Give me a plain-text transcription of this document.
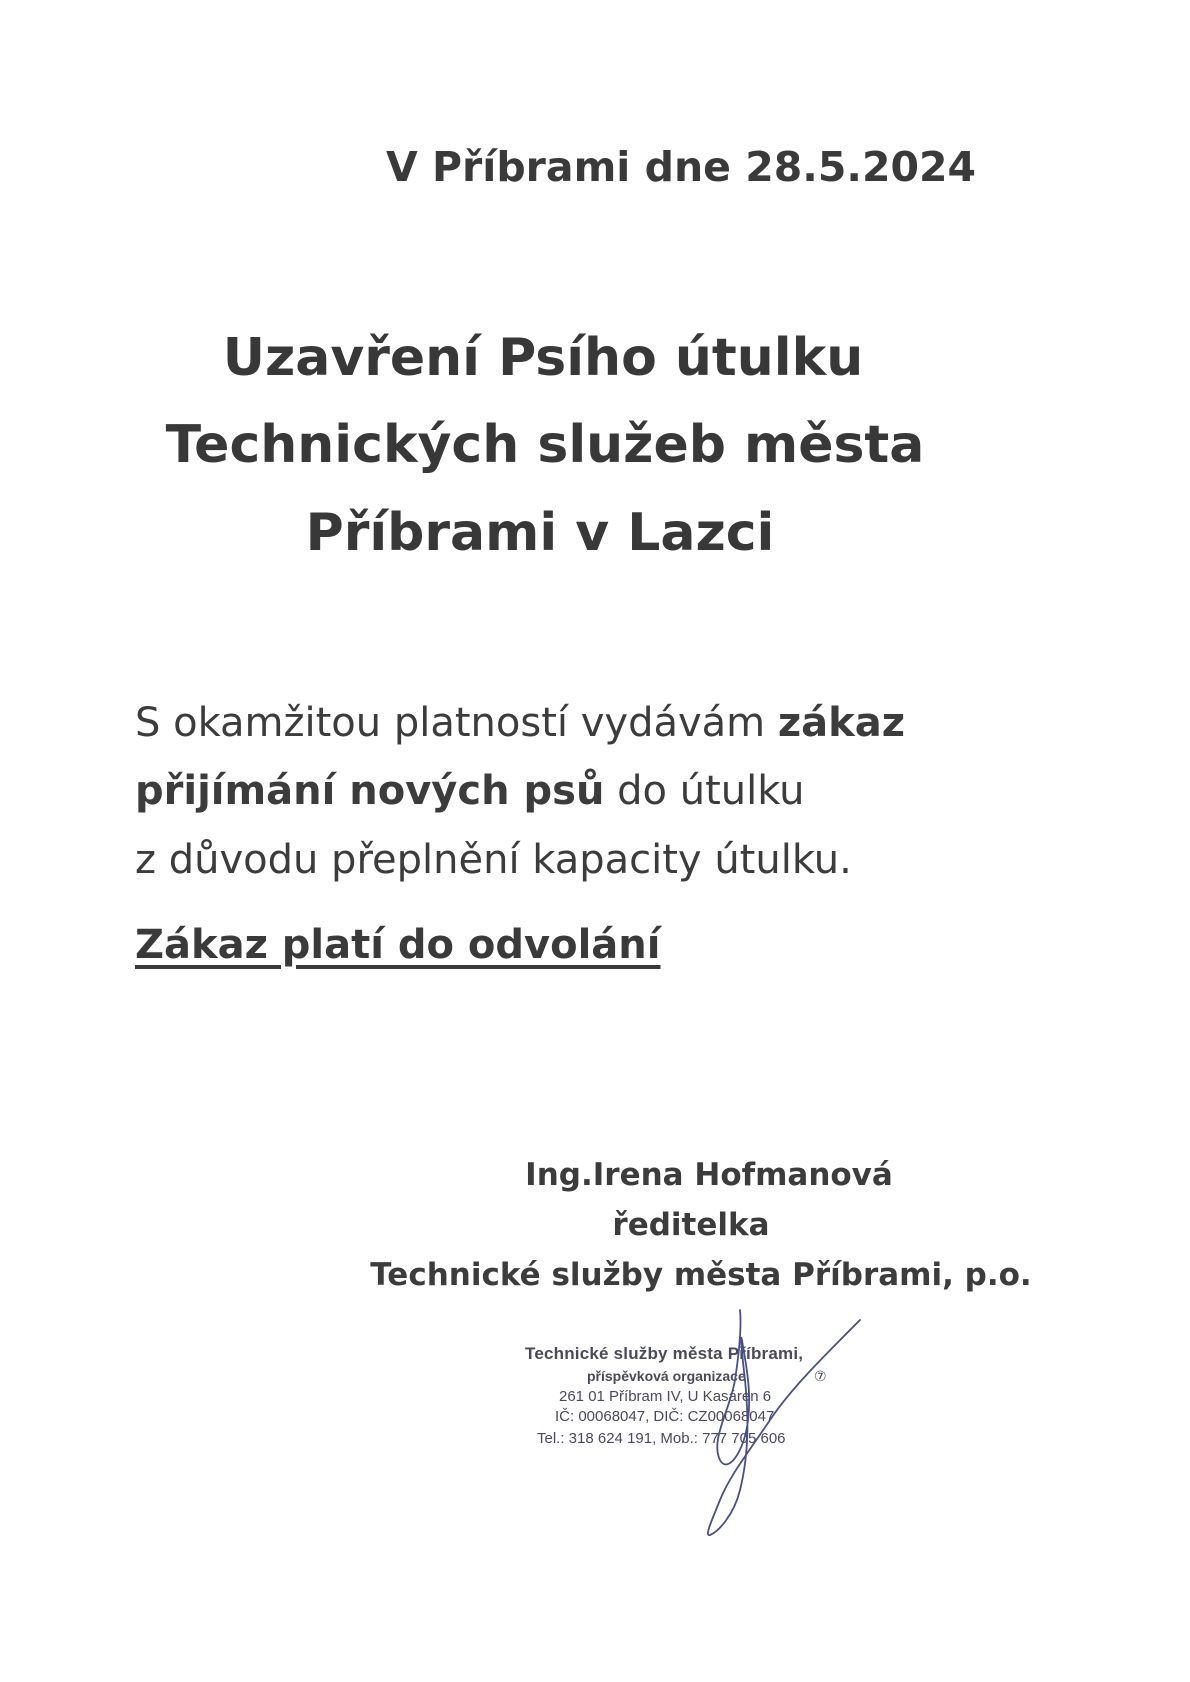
V Příbrami dne 28.5.2024
Uzavření Psího útulku
Technických služeb města
Příbrami v Lazci
S okamžitou platností vydávám zákaz
přijímání nových psů do útulku
z důvodu přeplnění kapacity útulku.
Zákaz platí do odvolání
Ing.Irena Hofmanová
ředitelka
Technické služby města Příbrami, p.o.
Technické služby města Příbrami,
příspěvková organizace	⑦
261 01 Příbram IV, U Kasáren 6
IČ: 00068047, DIČ: CZ00068047
Tel.: 318 624 191, Mob.: 777 705 606
